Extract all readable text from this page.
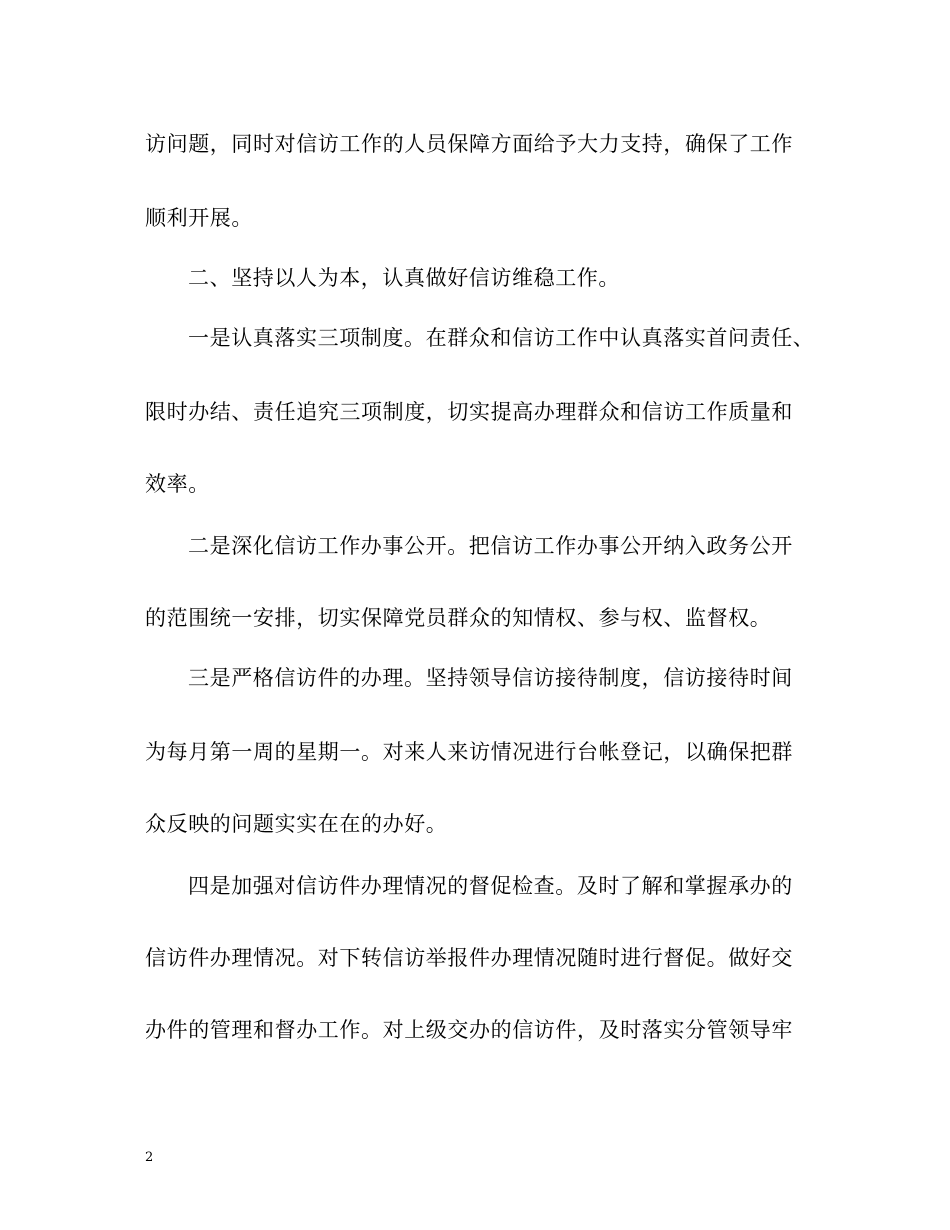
访问题，同时对信访工作的人员保障方面给予大力支持，确保了工作
顺利开展。
二、坚持以人为本，认真做好信访维稳工作。
一是认真落实三项制度。在群众和信访工作中认真落实首问责任、
限时办结、责任追究三项制度，切实提高办理群众和信访工作质量和
效率。
二是深化信访工作办事公开。把信访工作办事公开纳入政务公开
的范围统一安排，切实保障党员群众的知情权、参与权、监督权。
三是严格信访件的办理。坚持领导信访接待制度，信访接待时间
为每月第一周的星期一。对来人来访情况进行台帐登记，以确保把群
众反映的问题实实在在的办好。
四是加强对信访件办理情况的督促检查。及时了解和掌握承办的
信访件办理情况。对下转信访举报件办理情况随时进行督促。做好交
办件的管理和督办工作。对上级交办的信访件，及时落实分管领导牢
2
